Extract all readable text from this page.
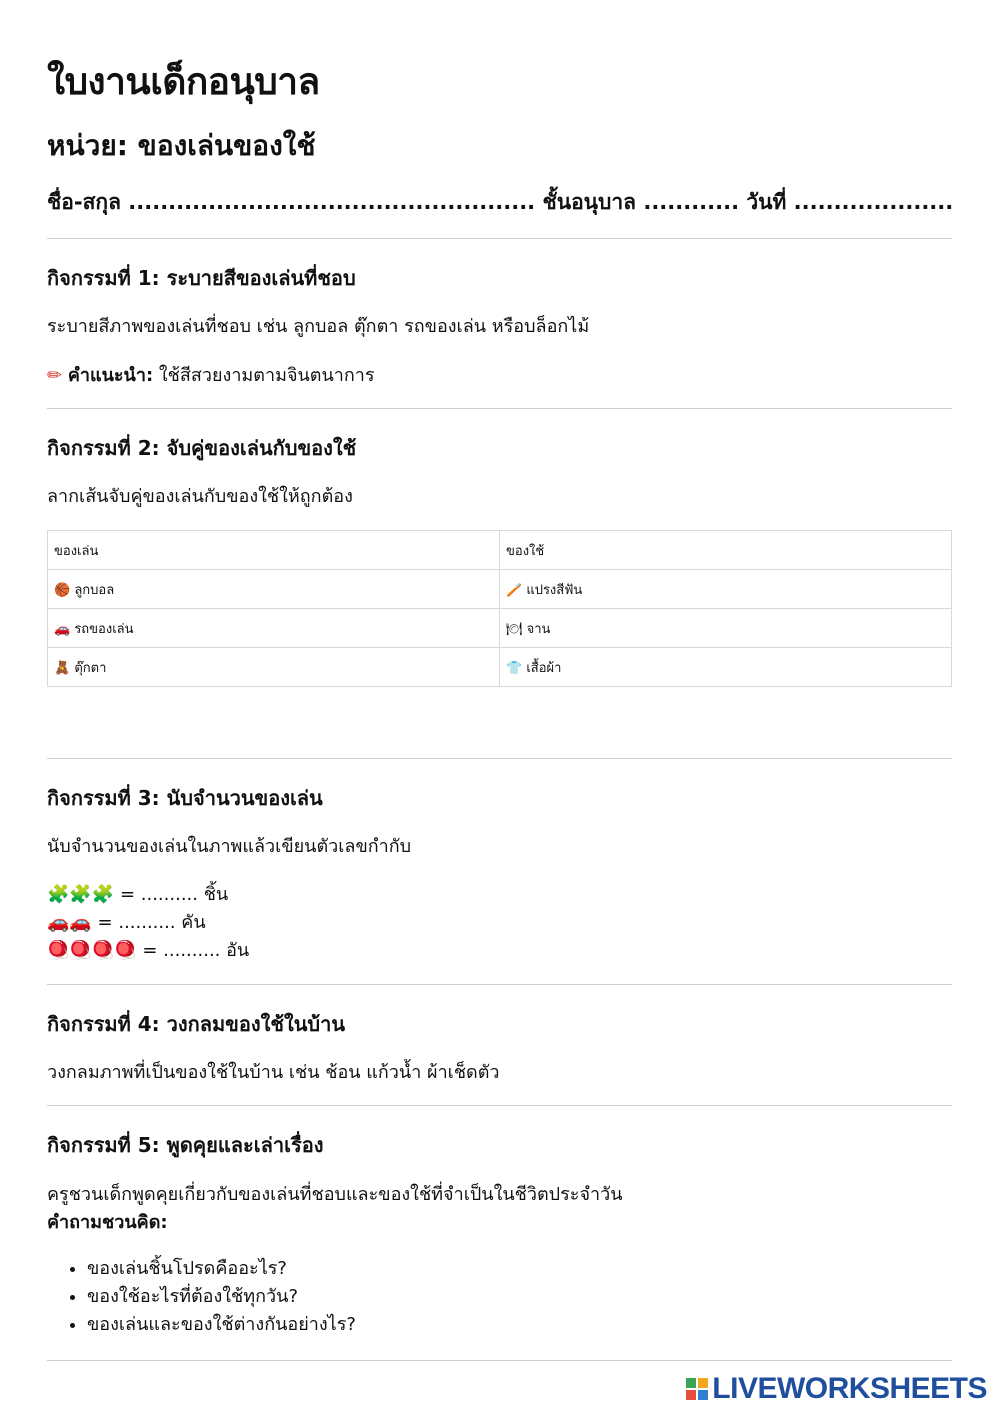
ใบงานเด็กอนุบาล
หน่วย: ของเล่นของใช้

ชื่อ-สกุล ................................................... ชั้นอนุบาล ............ วันที่ ....................

กิจกรรมที่ 1: ระบายสีของเล่นที่ชอบ

ระบายสีภาพของเล่นที่ชอบ เช่น ลูกบอล ตุ๊กตา รถของเล่น หรือบล็อกไม้

✏ คำแนะนำ: ใช้สีสวยงามตามจินตนาการ

กิจกรรมที่ 2: จับคู่ของเล่นกับของใช้

ลากเส้นจับคู่ของเล่นกับของใช้ให้ถูกต้อง

ของเล่น	ของใช้
🏀 ลูกบอล	🪥 แปรงสีฟัน
🚗 รถของเล่น	🍽 จาน
🧸 ตุ๊กตา	👕 เสื้อผ้า

กิจกรรมที่ 3: นับจำนวนของเล่น

นับจำนวนของเล่นในภาพแล้วเขียนตัวเลขกำกับ

🧩🧩🧩 = .......... ชิ้น

🚗🚗 = .......... คัน

🪀🪀🪀🪀 = .......... อัน

กิจกรรมที่ 4: วงกลมของใช้ในบ้าน

วงกลมภาพที่เป็นของใช้ในบ้าน เช่น ช้อน แก้วน้ำ ผ้าเช็ดตัว

กิจกรรมที่ 5: พูดคุยและเล่าเรื่อง

ครูชวนเด็กพูดคุยเกี่ยวกับของเล่นที่ชอบและของใช้ที่จำเป็นในชีวิตประจำวัน

คำถามชวนคิด:

• ของเล่นชิ้นโปรดคืออะไร?
• ของใช้อะไรที่ต้องใช้ทุกวัน?
• ของเล่นและของใช้ต่างกันอย่างไร?
LIVEWORKSHEETS
